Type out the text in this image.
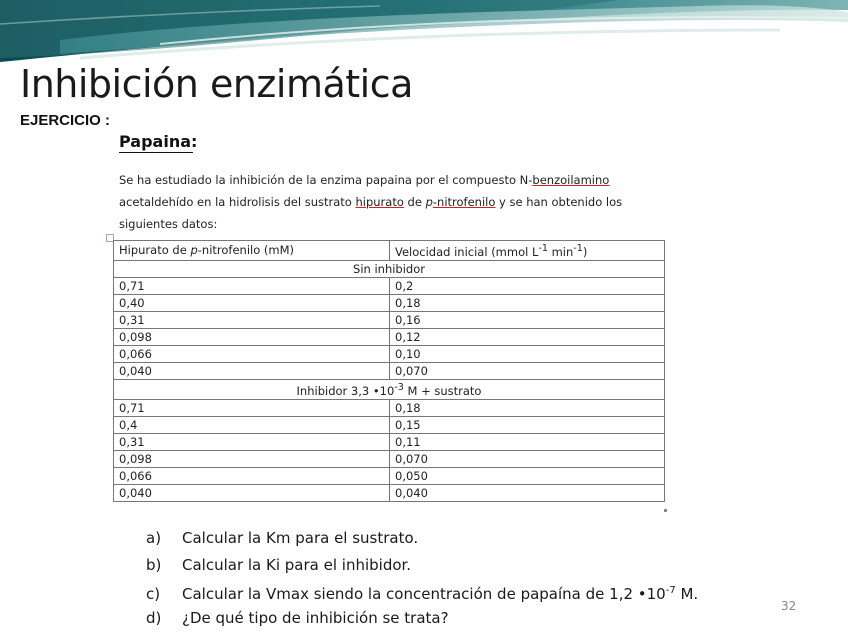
Inhibición enzimática
EJERCICIO :
Papaina:
Se ha estudiado la inhibición de la enzima papaina por el compuesto N-benzoilamino
acetaldehído en la hidrolisis del sustrato hipurato de p-nitrofenilo y se han obtenido los
siguientes datos:
Hipurato de p-nitrofenilo (mM)	Velocidad inicial (mmol $L^{-1}$ $\min^{-1}$)
Sin inhibidor	
0,71	0,2
0,40	0,18
0,31	0,16
0,098	0,12
0,066	0,10
0,040	0,070
Inhibidor 3,3 $•10^{-3}$ M + sustrato	
0,71	0,18
0,4	0,15
0,31	0,11
0,098	0,070
0,066	0,050
0,040	0,040
a) Calcular la Km para el sustrato.
b) Calcular la Ki para el inhibidor.
c) Calcular la Vmax siendo la concentración de papaína de 1,2 $•10^{-7}$ M.
d) ¿De qué tipo de inhibición se trata?
32
